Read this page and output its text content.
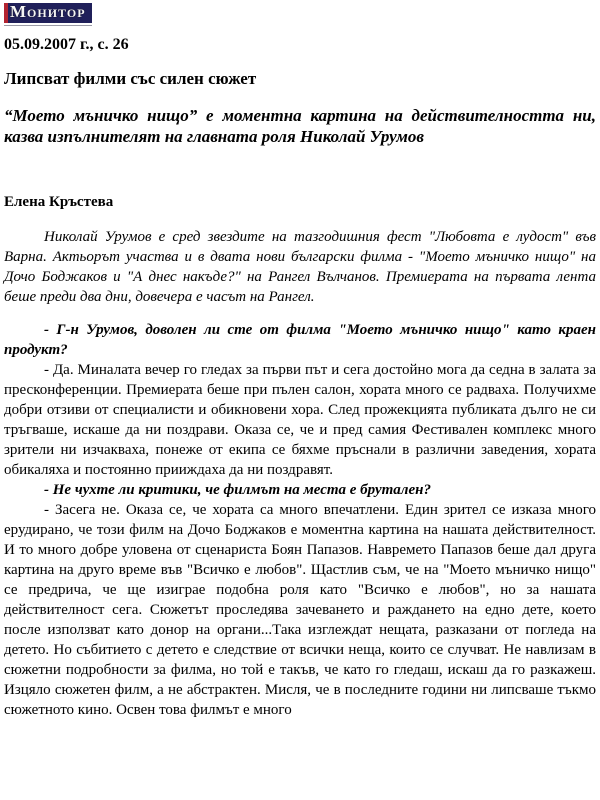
М ОНИТОР
05.09.2007 г., с. 26
Липсват филми със силен сюжет
“Моето мъничко нищо” е моментна картина на действителността ни, казва изпълнителят на главната роля Николай Урумов
Елена Кръстева

Николай Урумов е сред звездите на тазгодишния фест "Любовта е лудост" във Варна. Актьорът участва и в двата нови български филма - "Моето мъничко нищо" на Дочо Боджаков и "А днес накъде?" на Рангел Вълчанов. Премиерата на първата лента беше преди два дни, довечера е часът на Рангел.

- Г-н Урумов, доволен ли сте от филма "Моето мъничко нищо" като краен продукт?

- Да. Миналата вечер го гледах за първи път и сега достойно мога да седна в залата за пресконференции. Премиерата беше при пълен салон, хората много се радваха. Получихме добри отзиви от специалисти и обикновени хора. След прожекцията публиката дълго не си тръгваше, искаше да ни поздрави. Оказа се, че и пред самия Фестивален комплекс много зрители ни изчакваха, понеже от екипа се бяхме пръснали в различни заведения, хората обикаляха и постоянно прииждаха да ни поздравят.

- Не чухте ли критики, че филмът на места е брутален?

- Засега не. Оказа се, че хората са много впечатлени. Един зрител се изказа много ерудирано, че този филм на Дочо Боджаков е моментна картина на нашата действителност. И то много добре уловена от сценариста Боян Папазов. Навремето Папазов беше дал друга картина на друго време във "Всичко е любов". Щастлив съм, че на "Моето мъничко нищо" се предрича, че ще изиграе подобна роля като "Всичко е любов", но за нашата действителност сега. Сюжетът проследява зачеването и раждането на едно дете, което после използват като донор на органи...Така изглеждат нещата, разказани от погледа на детето. Но събитието с детето е следствие от всички неща, които се случват. Не навлизам в сюжетни подробности за филма, но той е такъв, че като го гледаш, искаш да го разкажеш. Изцяло сюжетен филм, а не абстрактен. Мисля, че в последните години ни липсваше тъкмо сюжетното кино. Освен това филмът е много
